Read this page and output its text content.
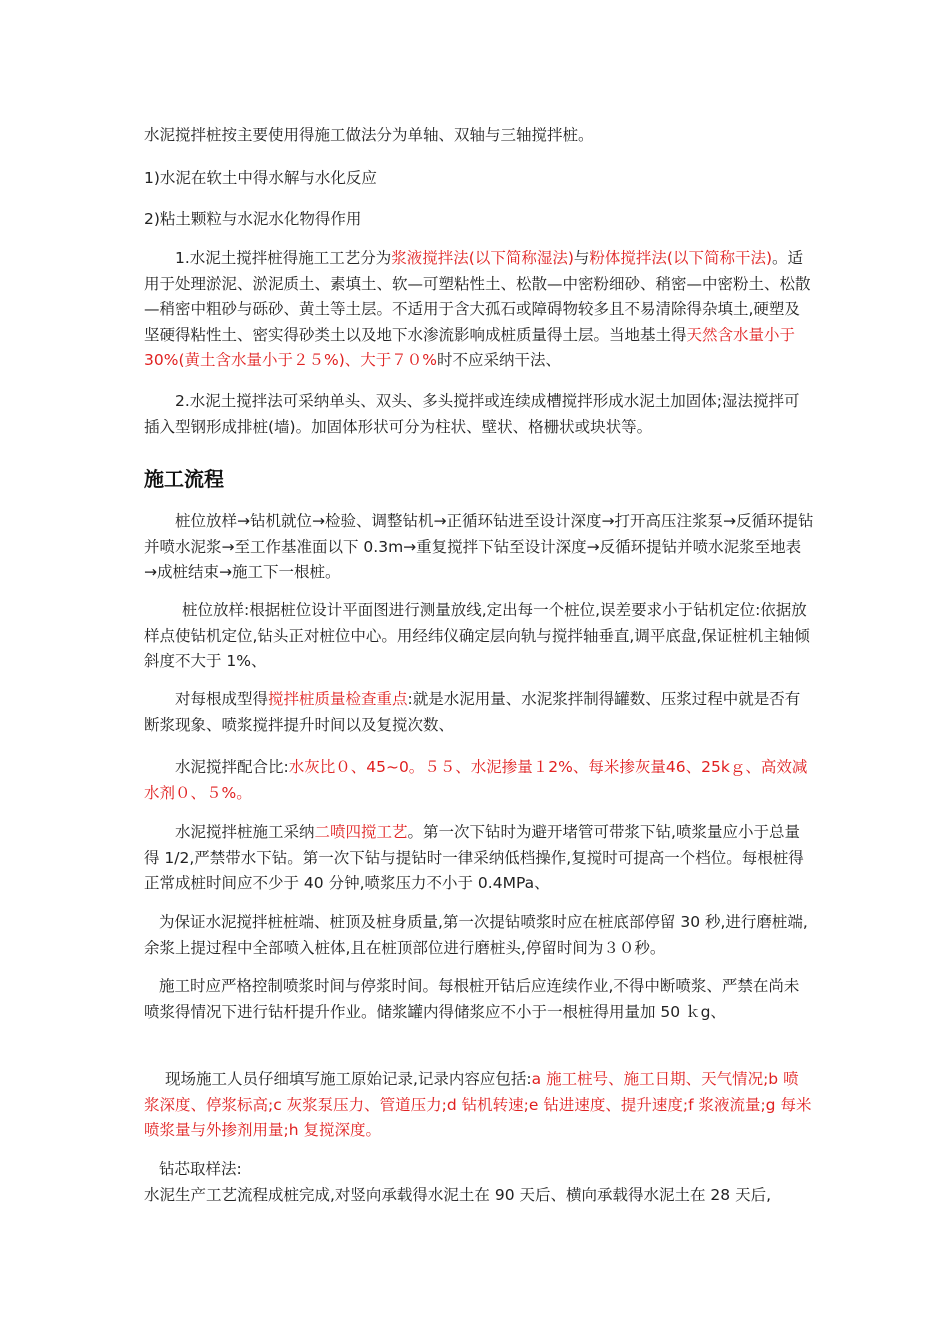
水泥搅拌桩按主要使用得施工做法分为单轴、双轴与三轴搅拌桩。

1)水泥在软土中得水解与水化反应

2)粘土颗粒与水泥水化物得作用

1.水泥土搅拌桩得施工工艺分为浆液搅拌法(以下简称湿法)与粉体搅拌法(以下简称干法)。适用于处理淤泥、淤泥质土、素填土、软—可塑粘性土、松散—中密粉细砂、稍密—中密粉土、松散—稍密中粗砂与砾砂、黄土等土层。不适用于含大孤石或障碍物较多且不易清除得杂填土,硬塑及坚硬得粘性土、密实得砂类土以及地下水渗流影响成桩质量得土层。当地基土得天然含水量小于 30%(黄土含水量小于２５%)、大于７０%时不应采纳干法、

2.水泥土搅拌法可采纳单头、双头、多头搅拌或连续成槽搅拌形成水泥土加固体;湿法搅拌可插入型钢形成排桩(墙)。加固体形状可分为柱状、壁状、格栅状或块状等。

施工流程

桩位放样→钻机就位→检验、调整钻机→正循环钻进至设计深度→打开高压注浆泵→反循环提钻并喷水泥浆→至工作基准面以下 0.3m→重复搅拌下钻至设计深度→反循环提钻并喷水泥浆至地表→成桩结束→施工下一根桩。

桩位放样:根据桩位设计平面图进行测量放线,定出每一个桩位,误差要求小于钻机定位:依据放样点使钻机定位,钻头正对桩位中心。用经纬仪确定层向轨与搅拌轴垂直,调平底盘,保证桩机主轴倾斜度不大于 1%、

对每根成型得搅拌桩质量检查重点:就是水泥用量、水泥浆拌制得罐数、压浆过程中就是否有断浆现象、喷浆搅拌提升时间以及复搅次数、

水泥搅拌配合比:水灰比０、45~0。５５、水泥掺量１2%、每米掺灰量46、25kｇ、高效减水剂０、５%。

水泥搅拌桩施工采纳二喷四搅工艺。第一次下钻时为避开堵管可带浆下钻,喷浆量应小于总量得 1/2,严禁带水下钻。第一次下钻与提钻时一律采纳低档操作,复搅时可提高一个档位。每根桩得正常成桩时间应不少于 40 分钟,喷浆压力不小于 0.4MPa、

为保证水泥搅拌桩桩端、桩顶及桩身质量,第一次提钻喷浆时应在桩底部停留 30 秒,进行磨桩端,余浆上提过程中全部喷入桩体,且在桩顶部位进行磨桩头,停留时间为３０秒。

施工时应严格控制喷浆时间与停浆时间。每根桩开钻后应连续作业,不得中断喷浆、严禁在尚未喷浆得情况下进行钻杆提升作业。储浆罐内得储浆应不小于一根桩得用量加 50 ｋg、

现场施工人员仔细填写施工原始记录,记录内容应包括:a 施工桩号、施工日期、天气情况;b 喷浆深度、停浆标高;c 灰浆泵压力、管道压力;d 钻机转速;e 钻进速度、提升速度;f 浆液流量;g 每米喷浆量与外掺剂用量;h 复搅深度。

钻芯取样法:

水泥生产工艺流程成桩完成,对竖向承载得水泥土在 90 天后、横向承载得水泥土在 28 天后,
